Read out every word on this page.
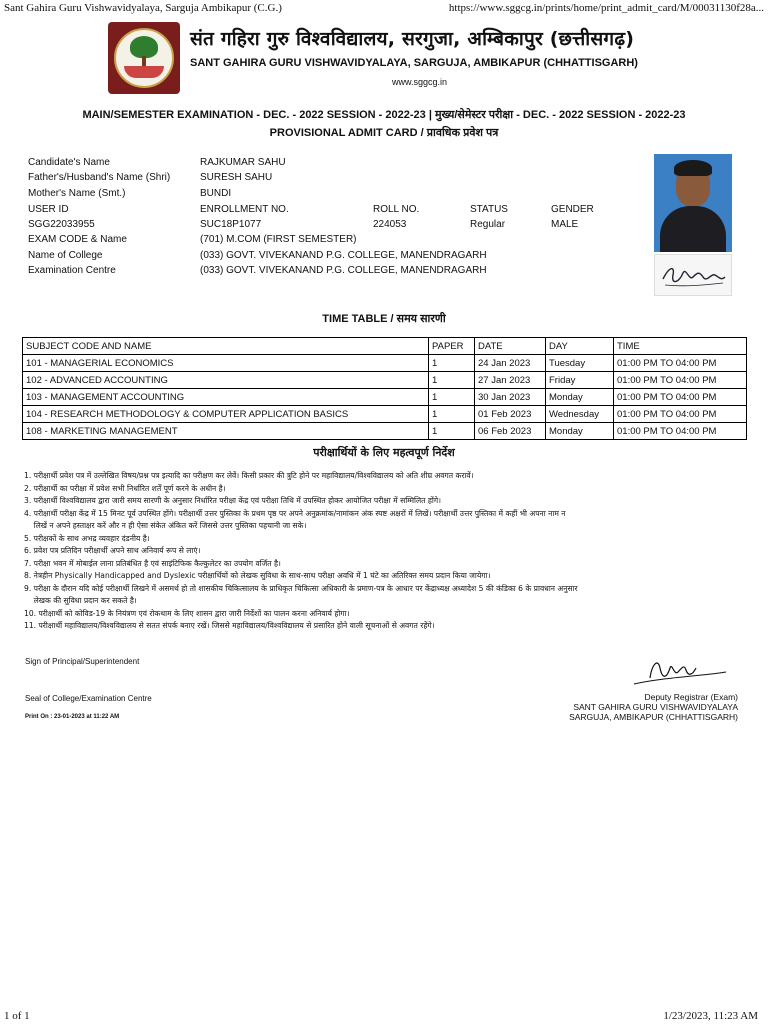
Sant Gahira Guru Vishwavidyalaya, Sarguja Ambikapur (C.G.)	https://www.sggcg.in/prints/home/print_admit_card/M/00031130f28a...
संत गहिरा गुरु विश्वविद्यालय, सरगुजा, अम्बिकापुर (छत्तीसगढ़)
SANT GAHIRA GURU VISHWAVIDYALAYA, SARGUJA, AMBIKAPUR (CHHATTISGARH)
www.sggcg.in
MAIN/SEMESTER EXAMINATION - DEC. - 2022 SESSION - 2022-23 | मुख्य/सेमेस्टर परीक्षा - DEC. - 2022 SESSION - 2022-23
PROVISIONAL ADMIT CARD / प्रावधिक प्रवेश पत्र
Candidate's Name	RAJKUMAR SAHU
Father's/Husband's Name (Shri)	SURESH SAHU
Mother's Name (Smt.)	BUNDI
USER ID	ENROLLMENT NO.	ROLL NO.	STATUS	GENDER
SGG22033955	SUC18P1077	224053	Regular	MALE
EXAM CODE & Name	(701) M.COM (FIRST SEMESTER)
Name of College	(033) GOVT. VIVEKANAND P.G. COLLEGE, MANENDRAGARH
Examination Centre	(033) GOVT. VIVEKANAND P.G. COLLEGE, MANENDRAGARH
TIME TABLE / समय सारणी
SUBJECT CODE AND NAME	PAPER	DATE	DAY	TIME
101 - MANAGERIAL ECONOMICS	1	24 Jan 2023	Tuesday	01:00 PM TO 04:00 PM
102 - ADVANCED ACCOUNTING	1	27 Jan 2023	Friday	01:00 PM TO 04:00 PM
103 - MANAGEMENT ACCOUNTING	1	30 Jan 2023	Monday	01:00 PM TO 04:00 PM
104 - RESEARCH METHODOLOGY & COMPUTER APPLICATION BASICS	1	01 Feb 2023	Wednesday	01:00 PM TO 04:00 PM
108 - MARKETING MANAGEMENT	1	06 Feb 2023	Monday	01:00 PM TO 04:00 PM
परीक्षार्थियों के लिए महत्वपूर्ण निर्देश
1. परीक्षार्थी प्रवेश पत्र में उल्लेखित विषय/प्रश्न पत्र इत्यादि का परीक्षण कर लेवें। किसी प्रकार की त्रुटि होने पर महाविद्यालय/विश्वविद्यालय को अति शीघ्र अवगत करावें।
2. परीक्षार्थी का परीक्षा में प्रवेश सभी निर्धारित शर्तें पूर्ण करने के अधीन है।
3. परीक्षार्थी विश्वविद्यालय द्वारा जारी समय सारणी के अनुसार निर्धारित परीक्षा केंद्र एवं परीक्षा तिथि में उपस्थित होकर आयोजित परीक्षा में सम्मिलित होंगे।
4. परीक्षार्थी परीक्षा केंद्र में 15 मिनट पूर्व उपस्थित होंगे। परीक्षार्थी उत्तर पुस्तिका के प्रथम पृष्ठ पर अपने अनुक्रमांक/नामांकन अंक स्पष्ट अक्षरों में लिखें। परीक्षार्थी उत्तर पुस्तिका में कहीं भी अपना नाम न
लिखें न अपने हस्ताक्षर करें और न ही ऐसा संकेत अंकित करें जिससे उत्तर पुस्तिका पहचानी जा सके।
5. परीक्षकों के साथ अभद्र व्यवहार दंडनीय है।
6. प्रवेश पत्र प्रतिदिन परीक्षार्थी अपने साथ अनिवार्य रूप से लाएं।
7. परीक्षा भवन में मोबाईल लाना प्रतिबंधित है एवं साइंटिफिक कैल्कुलेटर का उपयोग वर्जित है।
8. नेत्रहीन Physically Handicapped and Dyslexic परीक्षार्थियों को लेखक सुविधा के साथ-साथ परीक्षा अवधि में 1 घंटे का अतिरिक्त समय प्रदान किया जायेगा।
9. परीक्षा के दौरान यदि कोई परीक्षार्थी लिखने में असमर्थ हो तो शासकीय चिकित्सालय के प्राधिकृत चिकित्सा अधिकारी के प्रमाण-पत्र के आधार पर केंद्राध्यक्ष अध्यादेश 5 की कंडिका 6 के प्रावधान अनुसार
लेखक की सुविधा प्रदान कर सकते है।
10. परीक्षार्थी को कोविड-19 के नियंत्रण एवं रोकथाम के लिए शासन द्वारा जारी निर्देशों का पालन करना अनिवार्य होगा।
11. परीक्षार्थी महाविद्यालय/विश्वविद्यालय से सतत संपर्क बनाए रखें। जिससे महाविद्यालय/विश्वविद्यालय से प्रसारित होने वाली सूचनाओं से अवगत रहेंगे।
Sign of Principal/Superintendent
Seal of College/Examination Centre
Print On : 23-01-2023 at 11:22 AM
Deputy Registrar (Exam)
SANT GAHIRA GURU VISHWAVIDYALAYA
SARGUJA, AMBIKAPUR (CHHATTISGARH)
1 of 1	1/23/2023, 11:23 AM
